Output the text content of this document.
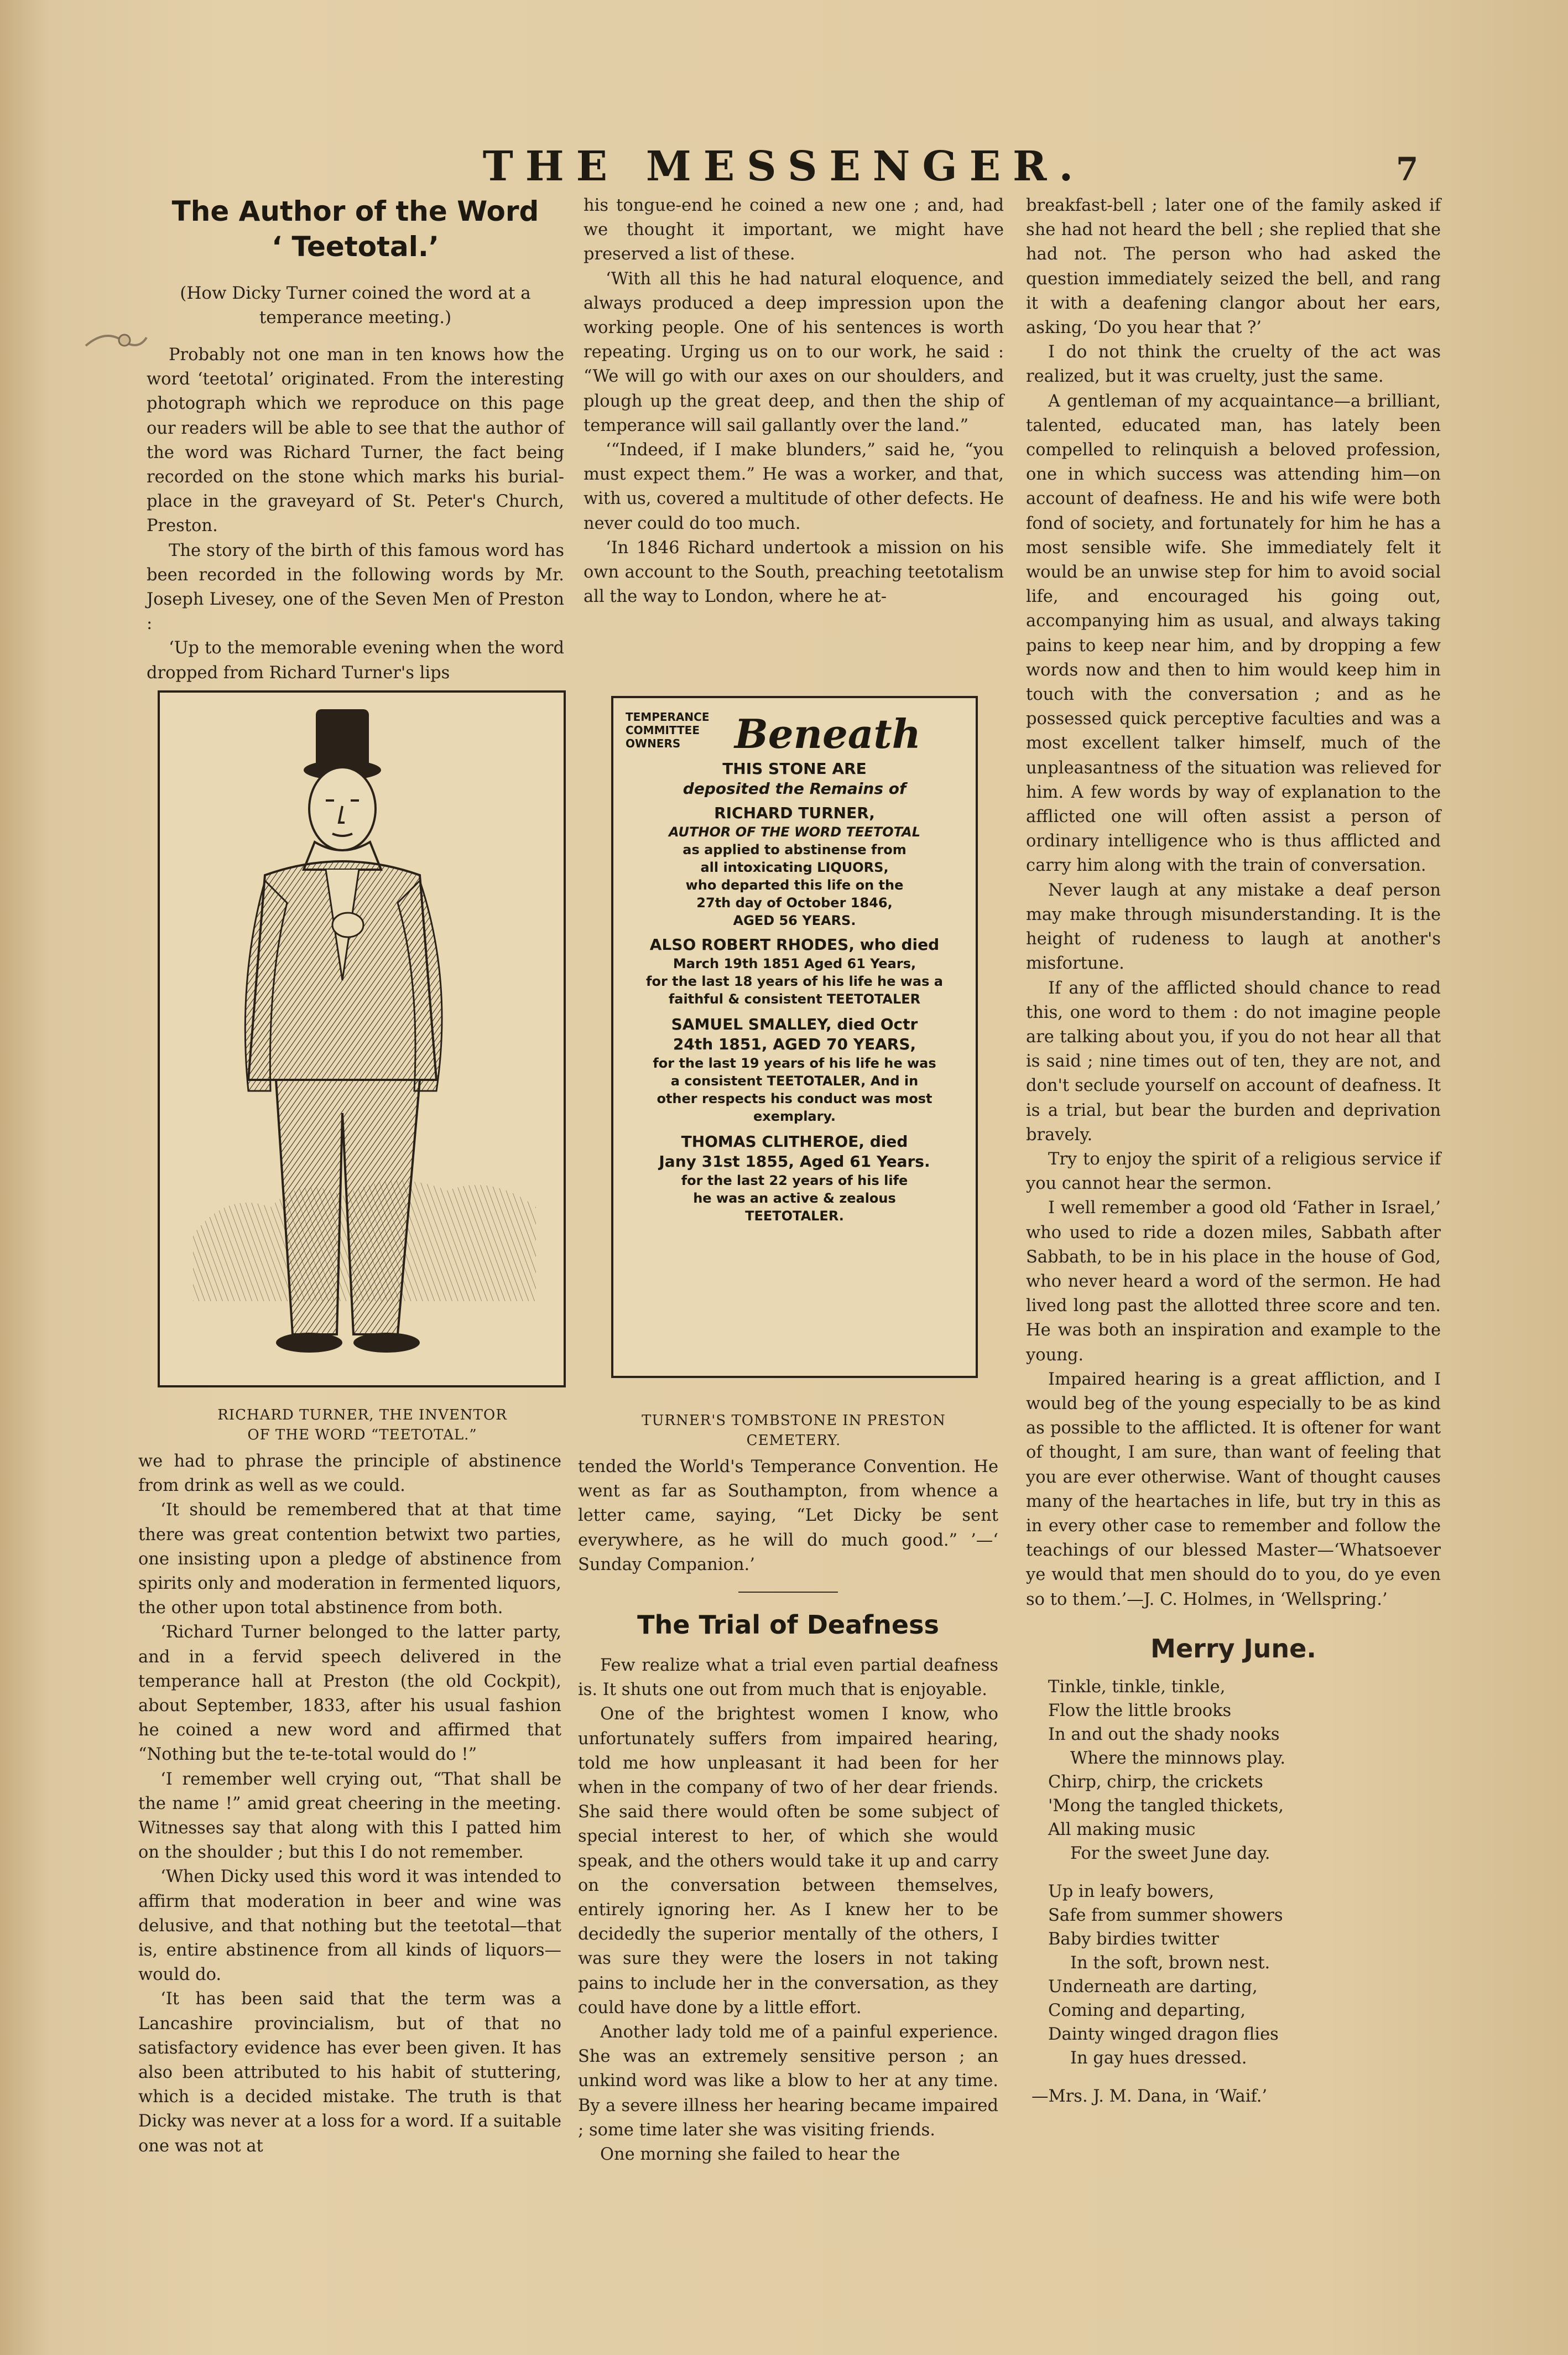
THE MESSENGER.	7
The Author of the Word
‘ Teetotal.’
(How Dicky Turner coined the word at a temperance meeting.)

Probably not one man in ten knows how the word ‘teetotal’ originated. From the interesting photograph which we reproduce on this page our readers will be able to see that the author of the word was Richard Turner, the fact being recorded on the stone which marks his burial-place in the graveyard of St. Peter's Church, Preston.

The story of the birth of this famous word has been recorded in the following words by Mr. Joseph Livesey, one of the Seven Men of Preston :

‘Up to the memorable evening when the word dropped from Richard Turner's lips

his tongue-end he coined a new one ; and, had we thought it important, we might have preserved a list of these.

‘With all this he had natural eloquence, and always produced a deep impression upon the working people. One of his sentences is worth repeating. Urging us on to our work, he said : “We will go with our axes on our shoulders, and plough up the great deep, and then the ship of temperance will sail gallantly over the land.”

‘“Indeed, if I make blunders,” said he, “you must expect them.” He was a worker, and that, with us, covered a multitude of other defects. He never could do too much.

‘In 1846 Richard undertook a mission on his own account to the South, preaching teetotalism all the way to London, where he at-

TEMPERANCE
COMMITTEE
OWNERS	Beneath
THIS STONE ARE
deposited the Remains of
RICHARD TURNER,
AUTHOR OF THE WORD TEETOTAL
as applied to abstinense from
all intoxicating LIQUORS,
who departed this life on the
27th day of October 1846,
AGED 56 YEARS.
ALSO ROBERT RHODES, who died
March 19th 1851 Aged 61 Years,
for the last 18 years of his life he was a
faithful & consistent TEETOTALER
SAMUEL SMALLEY, died Octr
24th 1851, AGED 70 YEARS,
for the last 19 years of his life he was
a consistent TEETOTALER, And in
other respects his conduct was most
exemplary.
THOMAS CLITHEROE, died
Jany 31st 1855, Aged 61 Years.
for the last 22 years of his life
he was an active & zealous
TEETOTALER.
RICHARD TURNER, THE INVENTOR
OF THE WORD “TEETOTAL.”
TURNER'S TOMBSTONE IN PRESTON
CEMETERY.

we had to phrase the principle of abstinence from drink as well as we could.

‘It should be remembered that at that time there was great contention betwixt two parties, one insisting upon a pledge of abstinence from spirits only and moderation in fermented liquors, the other upon total abstinence from both.

‘Richard Turner belonged to the latter party, and in a fervid speech delivered in the temperance hall at Preston (the old Cockpit), about September, 1833, after his usual fashion he coined a new word and affirmed that “Nothing but the te-te-total would do !”

‘I remember well crying out, “That shall be the name !” amid great cheering in the meeting. Witnesses say that along with this I patted him on the shoulder ; but this I do not remember.

‘When Dicky used this word it was intended to affirm that moderation in beer and wine was delusive, and that nothing but the teetotal—that is, entire abstinence from all kinds of liquors—would do.

‘It has been said that the term was a Lancashire provincialism, but of that no satisfactory evidence has ever been given. It has also been attributed to his habit of stuttering, which is a decided mistake. The truth is that Dicky was never at a loss for a word. If a suitable one was not at

tended the World's Temperance Convention. He went as far as Southampton, from whence a letter came, saying, “Let Dicky be sent everywhere, as he will do much good.” ’—‘ Sunday Companion.’

The Trial of Deafness

Few realize what a trial even partial deafness is. It shuts one out from much that is enjoyable.

One of the brightest women I know, who unfortunately suffers from impaired hearing, told me how unpleasant it had been for her when in the company of two of her dear friends. She said there would often be some subject of special interest to her, of which she would speak, and the others would take it up and carry on the conversation between themselves, entirely ignoring her. As I knew her to be decidedly the superior mentally of the others, I was sure they were the losers in not taking pains to include her in the conversation, as they could have done by a little effort.

Another lady told me of a painful experience. She was an extremely sensitive person ; an unkind word was like a blow to her at any time. By a severe illness her hearing became impaired ; some time later she was visiting friends.

One morning she failed to hear the

breakfast-bell ; later one of the family asked if she had not heard the bell ; she replied that she had not. The person who had asked the question immediately seized the bell, and rang it with a deafening clangor about her ears, asking, ‘Do you hear that ?’

I do not think the cruelty of the act was realized, but it was cruelty, just the same.

A gentleman of my acquaintance—a brilliant, talented, educated man, has lately been compelled to relinquish a beloved profession, one in which success was attending him—on account of deafness. He and his wife were both fond of society, and fortunately for him he has a most sensible wife. She immediately felt it would be an unwise step for him to avoid social life, and encouraged his going out, accompanying him as usual, and always taking pains to keep near him, and by dropping a few words now and then to him would keep him in touch with the conversation ; and as he possessed quick perceptive faculties and was a most excellent talker himself, much of the unpleasantness of the situation was relieved for him. A few words by way of explanation to the afflicted one will often assist a person of ordinary intelligence who is thus afflicted and carry him along with the train of conversation.

Never laugh at any mistake a deaf person may make through misunderstanding. It is the height of rudeness to laugh at another's misfortune.

If any of the afflicted should chance to read this, one word to them : do not imagine people are talking about you, if you do not hear all that is said ; nine times out of ten, they are not, and don't seclude yourself on account of deafness. It is a trial, but bear the burden and deprivation bravely.

Try to enjoy the spirit of a religious service if you cannot hear the sermon.

I well remember a good old ‘Father in Israel,’ who used to ride a dozen miles, Sabbath after Sabbath, to be in his place in the house of God, who never heard a word of the sermon. He had lived long past the allotted three score and ten. He was both an inspiration and example to the young.

Impaired hearing is a great affliction, and I would beg of the young especially to be as kind as possible to the afflicted. It is oftener for want of thought, I am sure, than want of feeling that you are ever otherwise. Want of thought causes many of the heartaches in life, but try in this as in every other case to remember and follow the teachings of our blessed Master—‘Whatsoever ye would that men should do to you, do ye even so to them.’—J. C. Holmes, in ‘Wellspring.’

Merry June.
Tinkle, tinkle, tinkle,
Flow the little brooks
In and out the shady nooks
Where the minnows play.
Chirp, chirp, the crickets
'Mong the tangled thickets,
All making music
For the sweet June day.
Up in leafy bowers,
Safe from summer showers
Baby birdies twitter
In the soft, brown nest.
Underneath are darting,
Coming and departing,
Dainty winged dragon flies
In gay hues dressed.
—Mrs. J. M. Dana, in ‘Waif.’
